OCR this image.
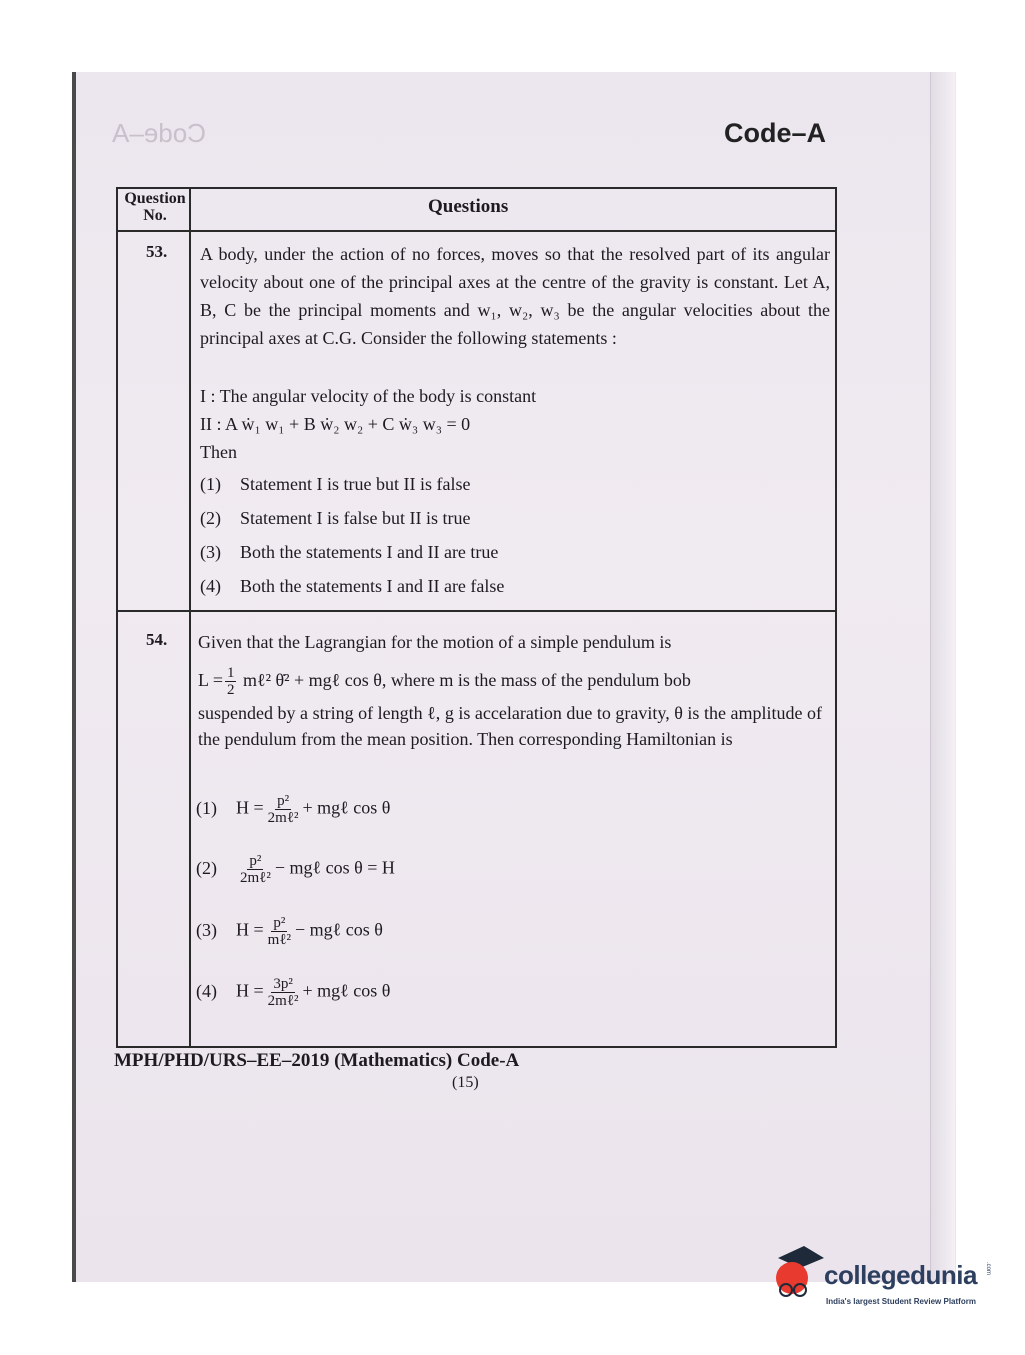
Code–A	Code–A
Question No.	Questions
53. A body, under the action of no forces, moves so that the resolved part of its angular velocity about one of the principal axes at the centre of the gravity is constant. Let A, B, C be the principal moments and w₁, w₂, w₃ be the angular velocities about the principal axes at C.G. Consider the following statements :
I : The angular velocity of the body is constant
II : A ẇ₁ w₁ + B ẇ₂ w₂ + C ẇ₃ w₃ = 0
Then
(1) Statement I is true but II is false
(2) Statement I is false but II is true
(3) Both the statements I and II are true
(4) Both the statements I and II are false
54. Given that the Lagrangian for the motion of a simple pendulum is
$L = \frac{1}{2}$ mℓ² θ̇² + mgℓ cos θ, where m is the mass of the pendulum bob
suspended by a string of length ℓ, g is accelaration due to gravity, θ is the amplitude of the pendulum from the mean position. Then corresponding Hamiltonian is
(1) $H = \frac{\text{p²}}{\text{2mℓ²}}$ + mgℓ cos θ
$(2) \frac{\text{p²}}{\text{2mℓ²}}$ − mgℓ cos θ = H
(3) $H = \frac{\text{p²}}{\text{mℓ²}}$ − mgℓ cos θ
(4) $H = \frac{\text{3p²}}{\text{2mℓ²}}$ + mgℓ cos θ
MPH/PHD/URS–EE–2019 (Mathematics) Code-A
(15)
collegedunia
India's largest Student Review Platform
.com
